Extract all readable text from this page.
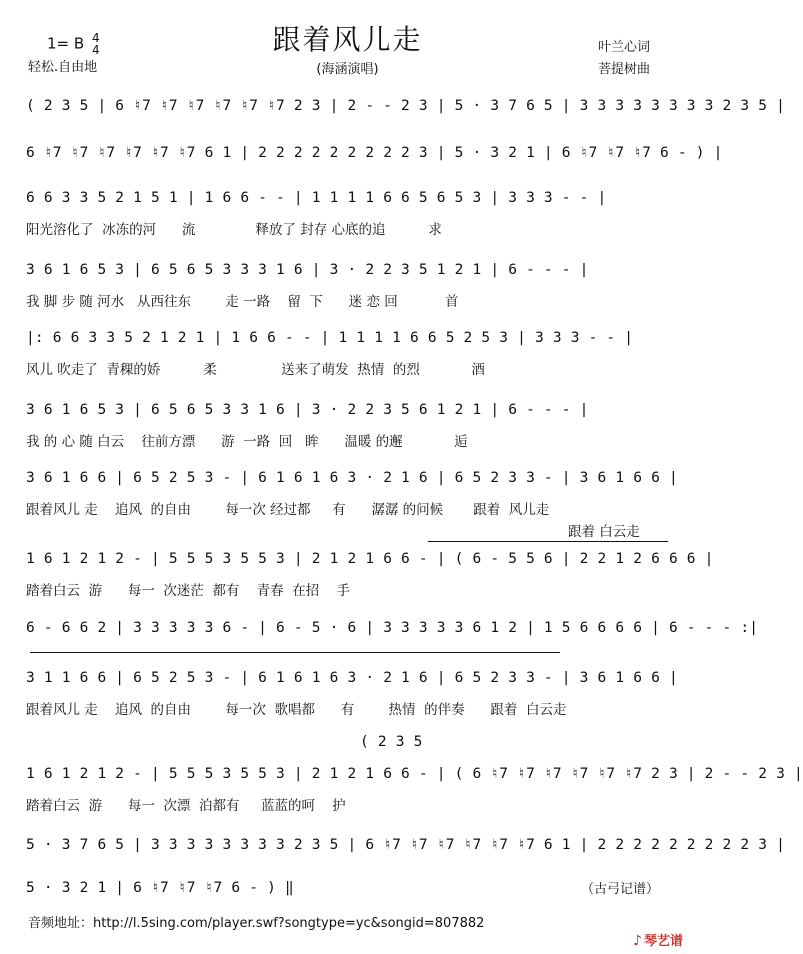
跟着风儿走
1= B 4
4
轻松.自由地	(海涵演唱)
叶兰心词
菩提树曲
( 2 3 5 | 6 ♮7 ♮7 ♮7 ♮7 ♮7 ♮7 2 3 | 2 - - 2 3 | 5 · 3 7 6 5 | 3 3 3 3 3 3 3 3 2 3 5 |
6 ♮7 ♮7 ♮7 ♮7 ♮7 ♮7 6 1 | 2 2 2 2 2 2 2 2 2 3 | 5 · 3 2 1 | 6 ♮7 ♮7 ♮7 6 - ) |
6 6 3 3 5 2 1 5 1 | 1 6 6 - - | 1 1 1 1 6 6 5 6 5 3 | 3 3 3 - - |
阳光溶化了  冰冻的河      流              释放了 封存 心底的追          求
3 6 1 6 5 3 | 6 5 6 5 3 3 3 1 6 | 3 · 2 2 3 5 1 2 1 | 6 - - - |
我 脚 步 随 河水   从西往东        走 一路    留  下      迷 恋 回           首
|: 6 6 3 3 5 2 1 2 1 | 1 6 6 - - | 1 1 1 1 6 6 5 2 5 3 | 3 3 3 - - |
风儿 吹走了  青稞的娇          柔               送来了萌发  热情  的烈            酒
3 6 1 6 5 3 | 6 5 6 5 3 3 1 6 | 3 · 2 2 3 5 6 1 2 1 | 6 - - - |
我 的 心 随 白云    往前方漂      游  一路  回   眸      温暖 的邂            逅
3 6 1 6 6 | 6 5 2 5 3 - | 6 1 6 1 6 3 · 2 1 6 | 6 5 2 3 3 - | 3 6 1 6 6 |
跟着风儿 走    追风  的自由        每一次 经过都     有      潺潺 的问候       跟着  风儿走
跟着 白云走
1 6 1 2 1 2 - | 5 5 5 3 5 5 3 | 2 1 2 1 6 6 - | ( 6 - 5 5 6 | 2 2 1 2 6 6 6 |
踏着白云  游      每一  次迷茫  都有    青春  在招    手
6 - 6 6 2 | 3 3 3 3 3 6 - | 6 - 5 · 6 | 3 3 3 3 3 6 1 2 | 1 5 6 6 6 6 | 6 - - - :|
3 1 1 6 6 | 6 5 2 5 3 - | 6 1 6 1 6 3 · 2 1 6 | 6 5 2 3 3 - | 3 6 1 6 6 |
跟着风儿 走    追风  的自由        每一次  歌唱都      有        热情  的伴奏      跟着  白云走
1 6 1 2 1 2 - | 5 5 5 3 5 5 3 | 2 1 2 1 6 6 - | ( 6 ♮7 ♮7 ♮7 ♮7 ♮7 ♮7 2 3 | 2 - - 2 3 |
( 2 3 5
踏着白云  游      每一  次漂  泊都有     蓝蓝的呵    护
5 · 3 7 6 5 | 3 3 3 3 3 3 3 3 2 3 5 | 6 ♮7 ♮7 ♮7 ♮7 ♮7 ♮7 6 1 | 2 2 2 2 2 2 2 2 2 3 |
5 · 3 2 1 | 6 ♮7 ♮7 ♮7 6 - ) ‖	（古弓记谱）
音频地址：http://l.5sing.com/player.swf?songtype=yc&songid=807882
♪ 琴艺谱
